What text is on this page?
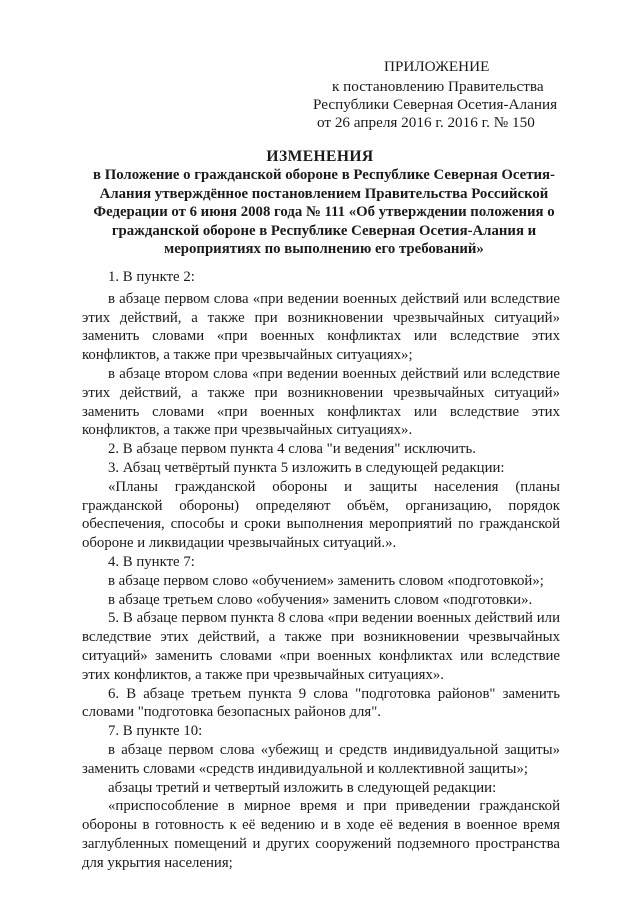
ПРИЛОЖЕНИЕ
к постановлению Правительства
Республики Северная Осетия-Алания
от 26 апреля 2016 г. 2016 г. № 150
ИЗМЕНЕНИЯ
в Положение о гражданской обороне в Республике Северная Осетия-Алания утверждённое постановлением Правительства Российской Федерации от 6 июня 2008 года № 111 «Об утверждении положения о гражданской обороне в Республике Северная Осетия-Алания и мероприятиях по выполнению его требований»

1. В пункте 2:

в абзаце первом слова «при ведении военных действий или вследствие этих действий, а также при возникновении чрезвычайных ситуаций» заменить словами «при военных конфликтах или вследствие этих конфликтов, а также при чрезвычайных ситуациях»;

в абзаце втором слова «при ведении военных действий или вследствие этих действий, а также при возникновении чрезвычайных ситуаций» заменить словами «при военных конфликтах или вследствие этих конфликтов, а также при чрезвычайных ситуациях».

2. В абзаце первом пункта 4 слова "и ведения" исключить.

3. Абзац четвёртый пункта 5 изложить в следующей редакции:

«Планы гражданской обороны и защиты населения (планы гражданской обороны) определяют объём, организацию, порядок обеспечения, способы и сроки выполнения мероприятий по гражданской обороне и ликвидации чрезвычайных ситуаций.».

4. В пункте 7:

в абзаце первом слово «обучением» заменить словом «подготовкой»;

в абзаце третьем слово «обучения» заменить словом «подготовки».

5. В абзаце первом пункта 8 слова «при ведении военных действий или вследствие этих действий, а также при возникновении чрезвычайных ситуаций» заменить словами «при военных конфликтах или вследствие этих конфликтов, а также при чрезвычайных ситуациях».

6. В абзаце третьем пункта 9 слова "подготовка районов" заменить словами "подготовка безопасных районов для".

7. В пункте 10:

в абзаце первом слова «убежищ и средств индивидуальной защиты» заменить словами «средств индивидуальной и коллективной защиты»;

абзацы третий и четвертый изложить в следующей редакции:

«приспособление в мирное время и при приведении гражданской обороны в готовность к её ведению и в ходе её ведения в военное время заглубленных помещений и других сооружений подземного пространства для укрытия населения;
